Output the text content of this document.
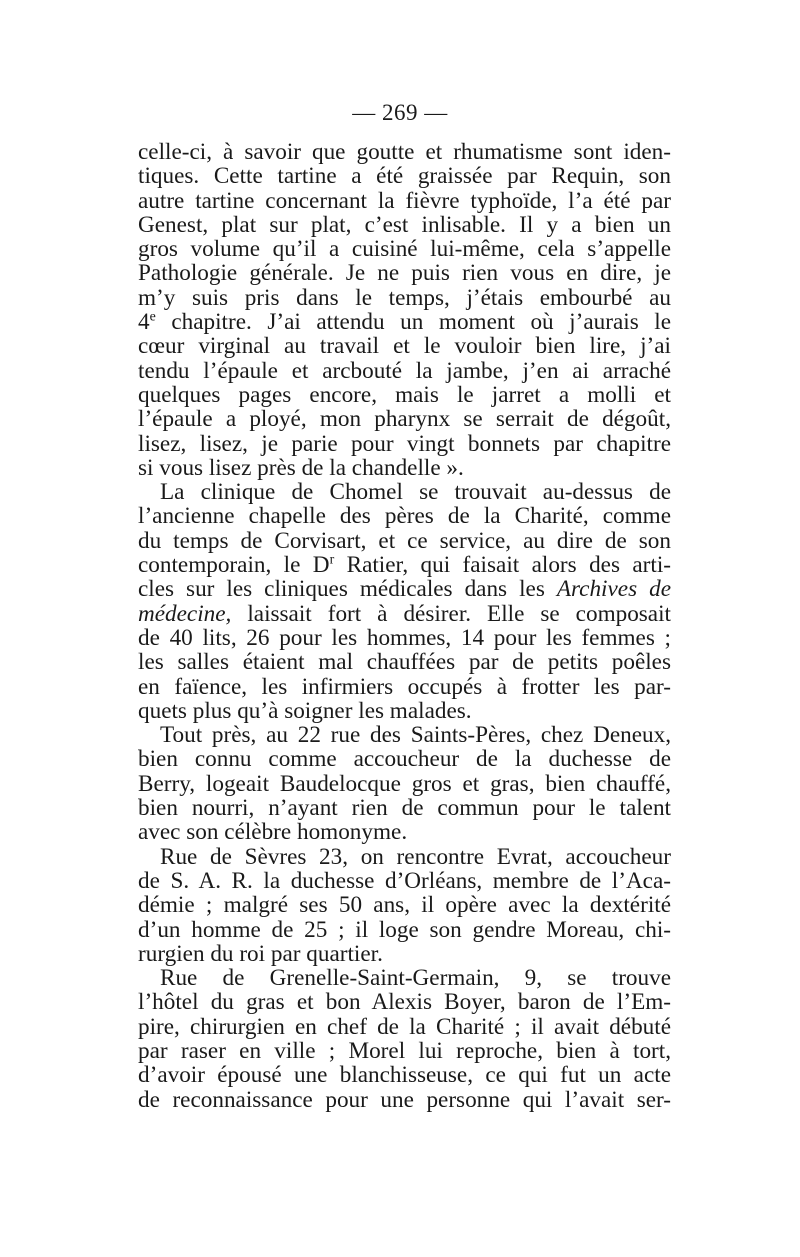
— 269 —
celle-ci, à savoir que goutte et rhumatisme sont iden-
tiques. Cette tartine a été graissée par Requin, son
autre tartine concernant la fièvre typhoïde, l’a été par
Genest, plat sur plat, c’est inlisable. Il y a bien un
gros volume qu’il a cuisiné lui-même, cela s’appelle
Pathologie générale. Je ne puis rien vous en dire, je
m’y suis pris dans le temps, j’étais embourbé au
4e chapitre. J’ai attendu un moment où j’aurais le
cœur virginal au travail et le vouloir bien lire, j’ai
tendu l’épaule et arcbouté la jambe, j’en ai arraché
quelques pages encore, mais le jarret a molli et
l’épaule a ployé, mon pharynx se serrait de dégoût,
lisez, lisez, je parie pour vingt bonnets par chapitre
si vous lisez près de la chandelle ».
La clinique de Chomel se trouvait au-dessus de
l’ancienne chapelle des pères de la Charité, comme
du temps de Corvisart, et ce service, au dire de son
contemporain, le $D^r$ Ratier, qui faisait alors des arti-
cles sur les cliniques médicales dans les Archives de
médecine, laissait fort à désirer. Elle se composait
de 40 lits, 26 pour les hommes, 14 pour les femmes ;
les salles étaient mal chauffées par de petits poêles
en faïence, les infirmiers occupés à frotter les par-
quets plus qu’à soigner les malades.
Tout près, au 22 rue des Saints-Pères, chez Deneux,
bien connu comme accoucheur de la duchesse de
Berry, logeait Baudelocque gros et gras, bien chauffé,
bien nourri, n’ayant rien de commun pour le talent
avec son célèbre homonyme.
Rue de Sèvres 23, on rencontre Evrat, accoucheur
de S. A. R. la duchesse d’Orléans, membre de l’Aca-
démie ; malgré ses 50 ans, il opère avec la dextérité
d’un homme de 25 ; il loge son gendre Moreau, chi-
rurgien du roi par quartier.
Rue de Grenelle-Saint-Germain, 9, se trouve
l’hôtel du gras et bon Alexis Boyer, baron de l’Em-
pire, chirurgien en chef de la Charité ; il avait débuté
par raser en ville ; Morel lui reproche, bien à tort,
d’avoir épousé une blanchisseuse, ce qui fut un acte
de reconnaissance pour une personne qui l’avait ser-
